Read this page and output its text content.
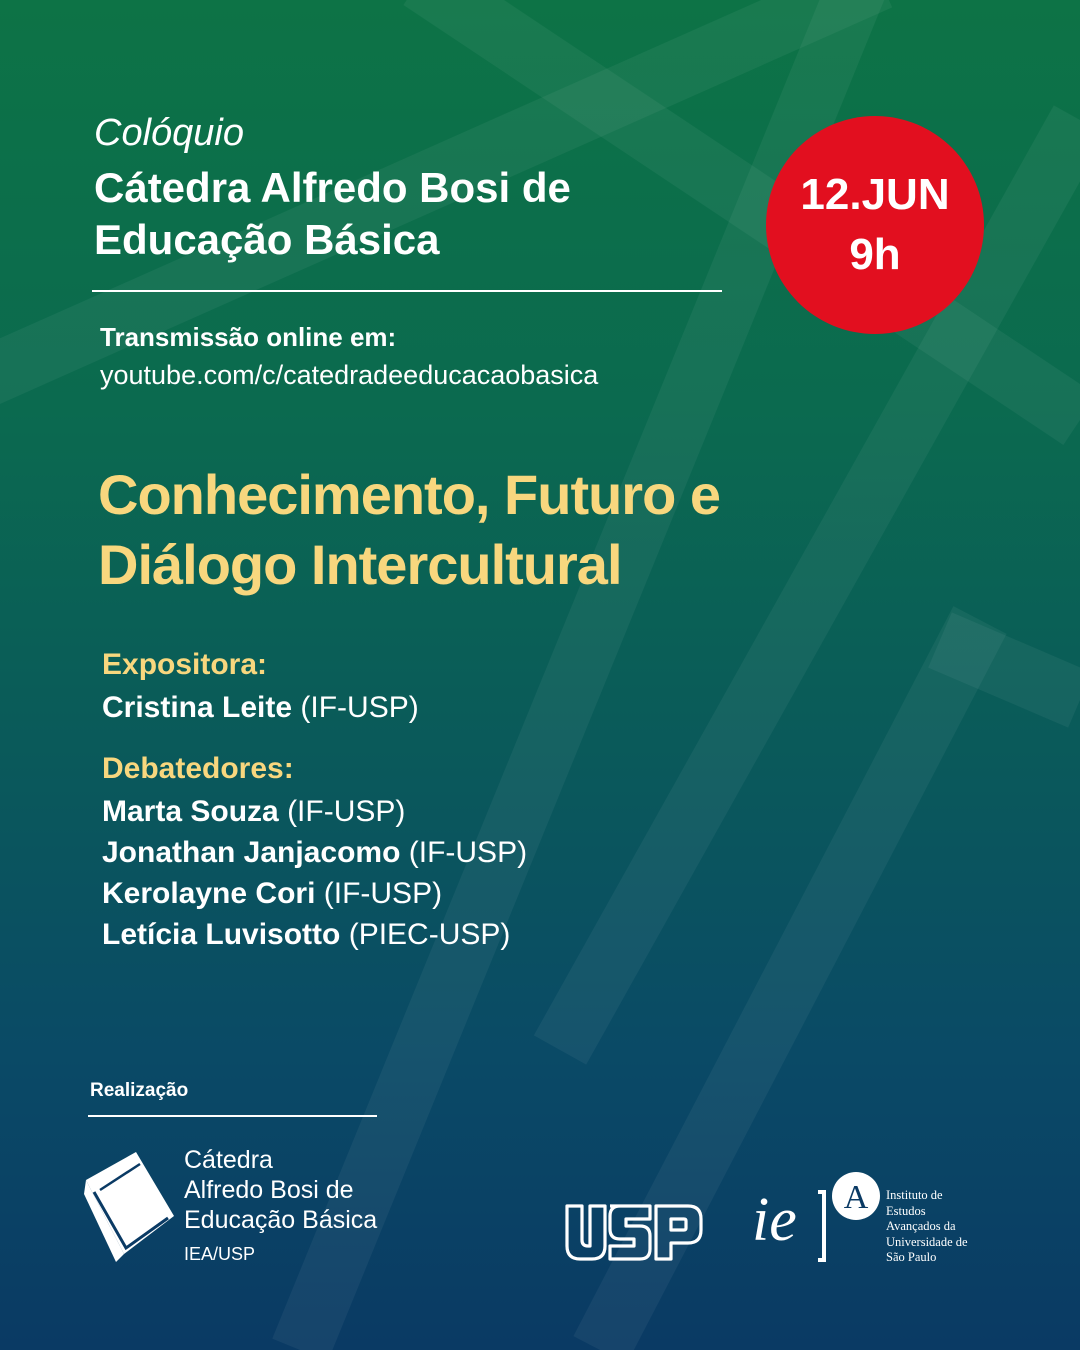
Colóquio
Cátedra Alfredo Bosi de
Educação Básica
12.JUN
9h
Transmissão online em:
youtube.com/c/catedradeeducacaobasica
Conhecimento, Futuro e
Diálogo Intercultural
Expositora:
Cristina Leite (IF-USP)
Debatedores:
Marta Souza (IF-USP)
Jonathan Janjacomo (IF-USP)
Kerolayne Cori (IF-USP)
Letícia Luvisotto (PIEC-USP)
Realização
Cátedra
Alfredo Bosi de
Educação Básica
IEA/USP	ie A Instituto de
Estudos
Avançados da
Universidade de
São Paulo
